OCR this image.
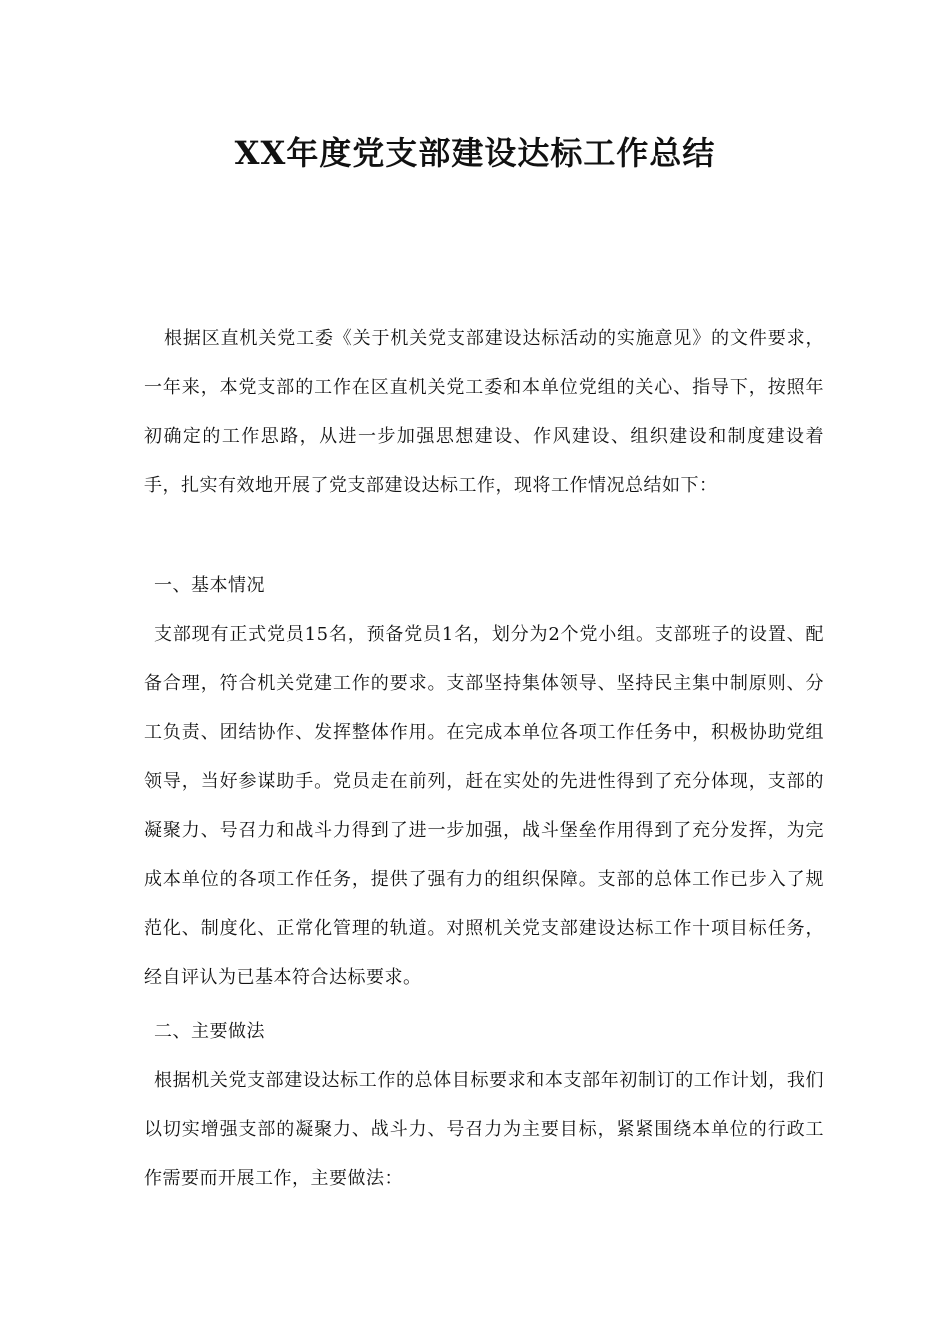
XX年度党支部建设达标工作总结
根据区直机关党工委《关于机关党支部建设达标活动的实施意见》的文件要求，一年来，本党支部的工作在区直机关党工委和本单位党组的关心、指导下，按照年初确定的工作思路，从进一步加强思想建设、作风建设、组织建设和制度建设着手，扎实有效地开展了党支部建设达标工作，现将工作情况总结如下：
一、基本情况
支部现有正式党员15名，预备党员1名，划分为2个党小组。支部班子的设置、配备合理，符合机关党建工作的要求。支部坚持集体领导、坚持民主集中制原则、分工负责、团结协作、发挥整体作用。在完成本单位各项工作任务中，积极协助党组领导，当好参谋助手。党员走在前列，赶在实处的先进性得到了充分体现，支部的凝聚力、号召力和战斗力得到了进一步加强，战斗堡垒作用得到了充分发挥，为完成本单位的各项工作任务，提供了强有力的组织保障。支部的总体工作已步入了规范化、制度化、正常化管理的轨道。对照机关党支部建设达标工作十项目标任务，经自评认为已基本符合达标要求。
二、主要做法
根据机关党支部建设达标工作的总体目标要求和本支部年初制订的工作计划，我们以切实增强支部的凝聚力、战斗力、号召力为主要目标，紧紧围绕本单位的行政工作需要而开展工作，主要做法：
